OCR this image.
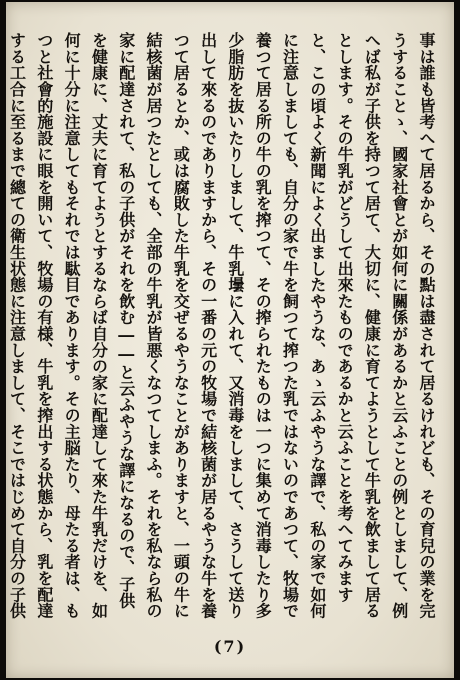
事は誰も皆考へて居るから、その點は盡されて居るけれども、その育兒の業を完うすることゝ、國家社會とが如何に關係があるかと云ふことの例としまして、例へば私が子供を持つて居て、大切に、健康に育てようとして牛乳を飲まして居るとします。その牛乳がどうして出來たものであるかと云ふことを考へてみますと、この頃よく新聞によく出ましたやうな、あゝ云ふやうな譯で、私の家で如何に注意しましても、自分の家で牛を飼つて搾つた乳ではないのであつて、牧場で養つて居る所の牛の乳を搾つて、その搾られたものは一つに集めて消毒したり多少脂肪を抜いたりしまして、牛乳壜に入れて、又消毒をしまして、さうして送り出して來るのでありますから、その一番の元の牧場で結核菌が居るやうな牛を養つて居るとか、或は腐敗した牛乳を交ぜるやうなことがありますと、一頭の牛に結核菌が居つたとしても、全部の牛乳が皆悪くなつてしまふ。それを私なら私の家に配達されて、私の子供がそれを飲む――と云ふやうな譯になるので、子供を健康に、丈夫に育てようとするならば自分の家に配達して來た牛乳だけを、如何に十分に注意してもそれでは駄目であります。その主脳たり、母たる者は、もつと社會的施設に眼を開いて、牧場の有様、牛乳を搾出する状態から、乳を配達する工合に至るまで總ての衛生状態に注意しまして、そこではじめて自分の子供

(7)
